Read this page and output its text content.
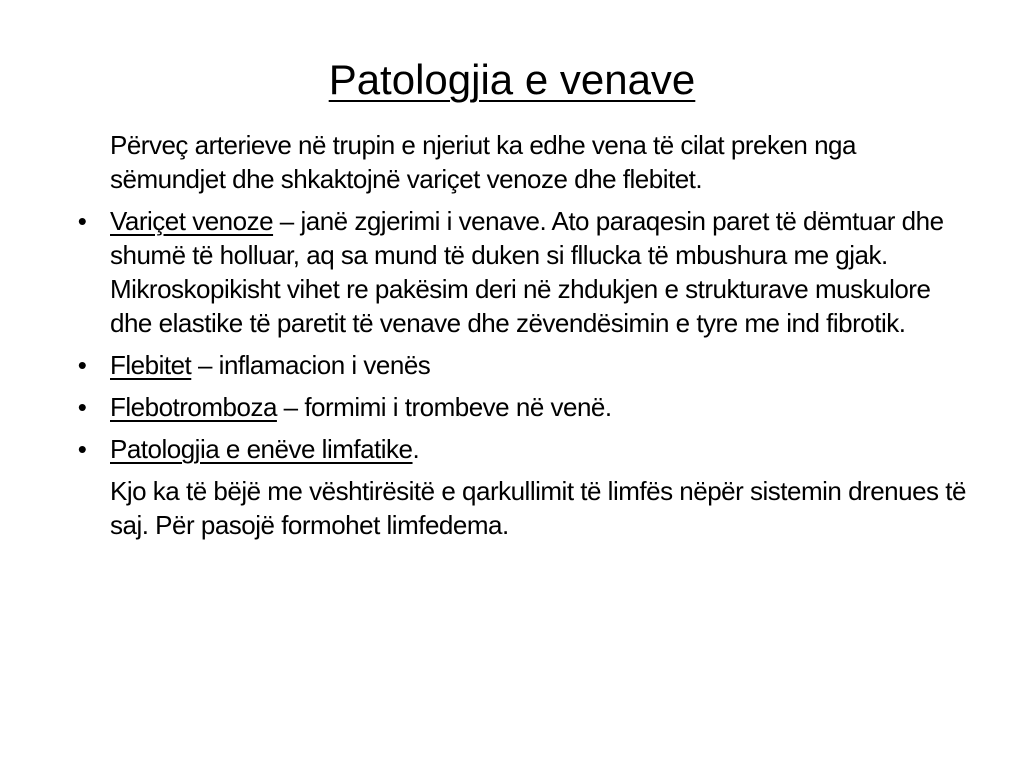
Patologjia e venave

Përveç arterieve në trupin e njeriut ka edhe vena të cilat preken nga sëmundjet dhe shkaktojnë variçet venoze dhe flebitet.

• Variçet venoze – janë zgjerimi i venave. Ato paraqesin paret të dëmtuar dhe shumë të holluar, aq sa mund të duken si fllucka të mbushura me gjak. Mikroskopikisht vihet re pakësim deri në zhdukjen e strukturave muskulore dhe elastike të paretit të venave dhe zëvendësimin e tyre me ind fibrotik.
• Flebitet – inflamacion i venës
• Flebotromboza – formimi i trombeve në venë.
• Patologjia e enëve limfatike.

Kjo ka të bëjë me vështirësitë e qarkullimit të limfës nëpër sistemin drenues të saj. Për pasojë formohet limfedema.
